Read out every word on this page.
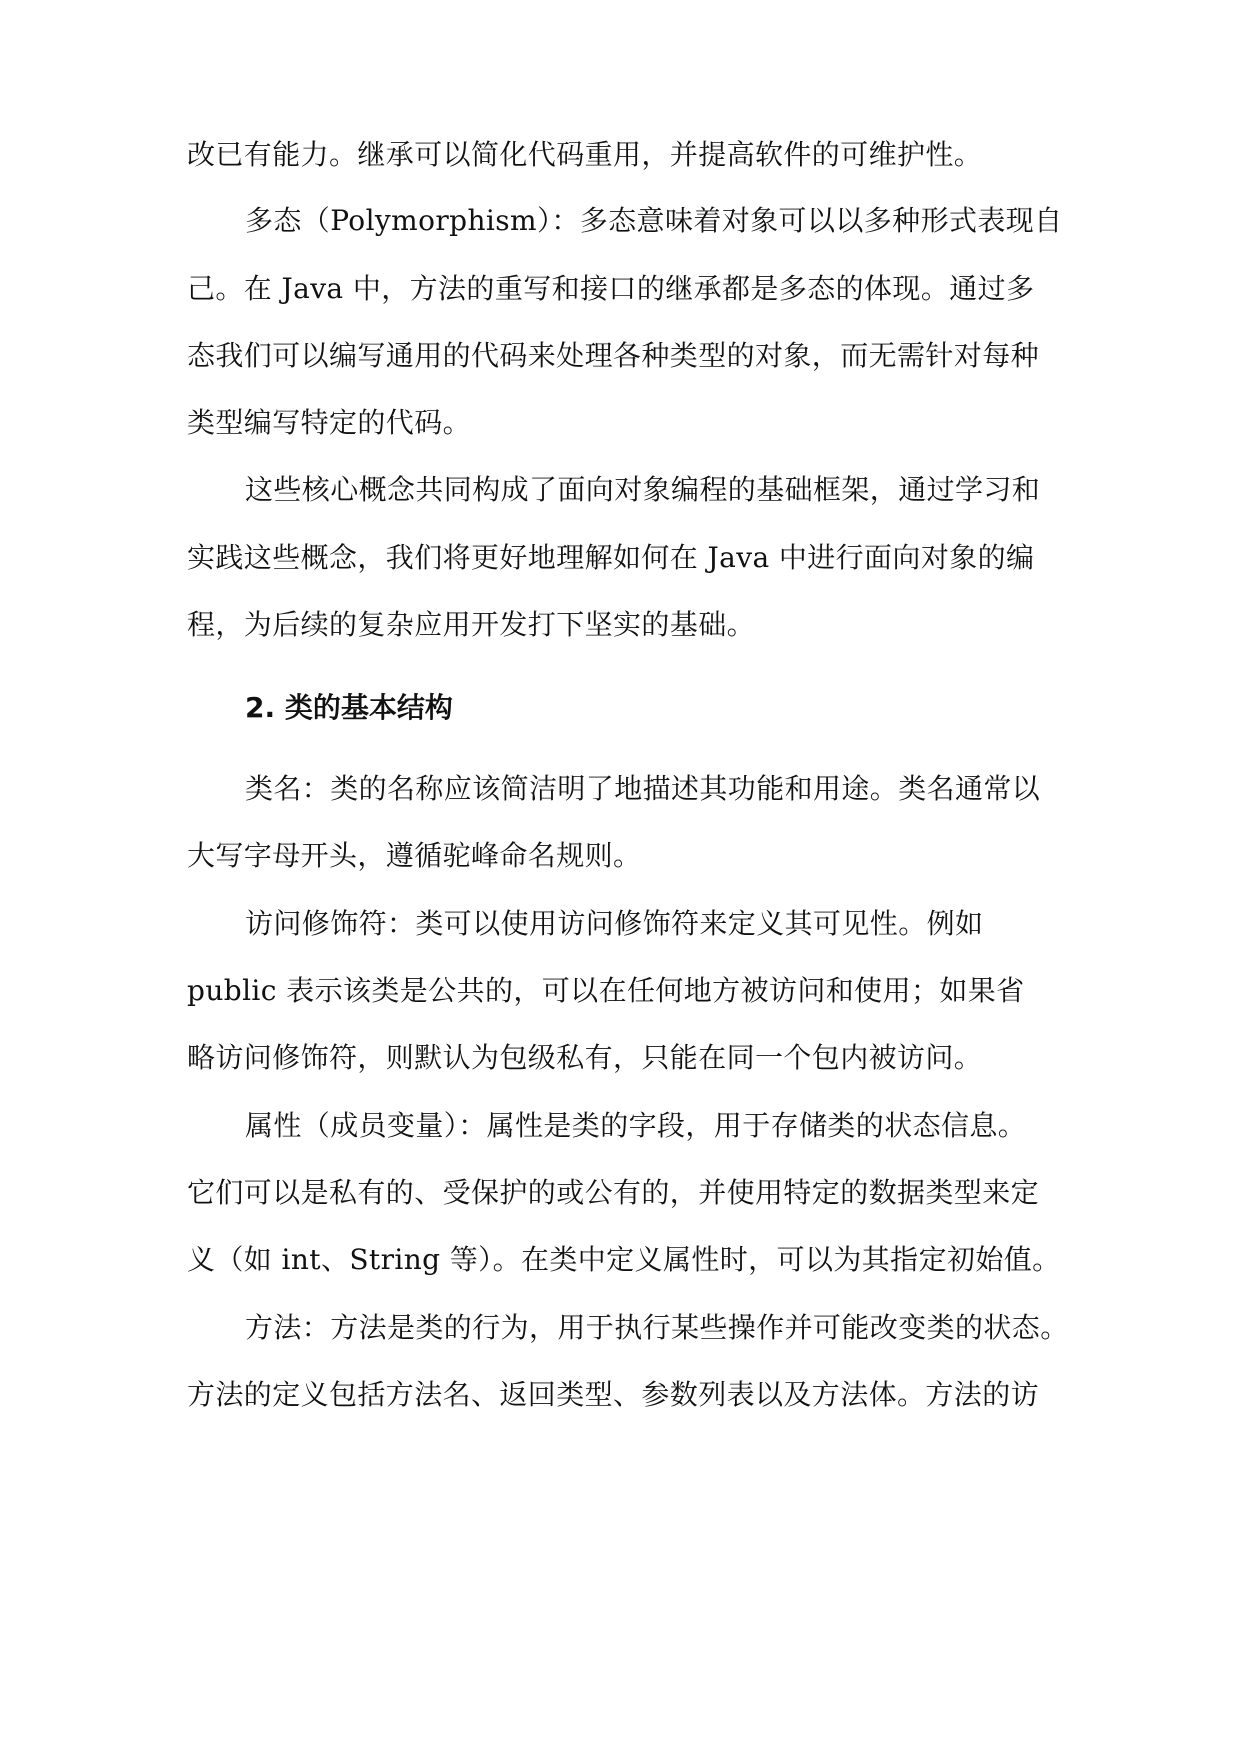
改已有能力。继承可以简化代码重用，并提高软件的可维护性。
多态（Polymorphism）：多态意味着对象可以以多种形式表现自
己。在 Java 中，方法的重写和接口的继承都是多态的体现。通过多
态我们可以编写通用的代码来处理各种类型的对象，而无需针对每种
类型编写特定的代码。
这些核心概念共同构成了面向对象编程的基础框架，通过学习和
实践这些概念，我们将更好地理解如何在 Java 中进行面向对象的编
程，为后续的复杂应用开发打下坚实的基础。
2. 类的基本结构
类名：类的名称应该简洁明了地描述其功能和用途。类名通常以
大写字母开头，遵循驼峰命名规则。
访问修饰符：类可以使用访问修饰符来定义其可见性。例如
public 表示该类是公共的，可以在任何地方被访问和使用；如果省
略访问修饰符，则默认为包级私有，只能在同一个包内被访问。
属性（成员变量）：属性是类的字段，用于存储类的状态信息。
它们可以是私有的、受保护的或公有的，并使用特定的数据类型来定
义（如 int、String 等）。在类中定义属性时，可以为其指定初始值。
方法：方法是类的行为，用于执行某些操作并可能改变类的状态。
方法的定义包括方法名、返回类型、参数列表以及方法体。方法的访
